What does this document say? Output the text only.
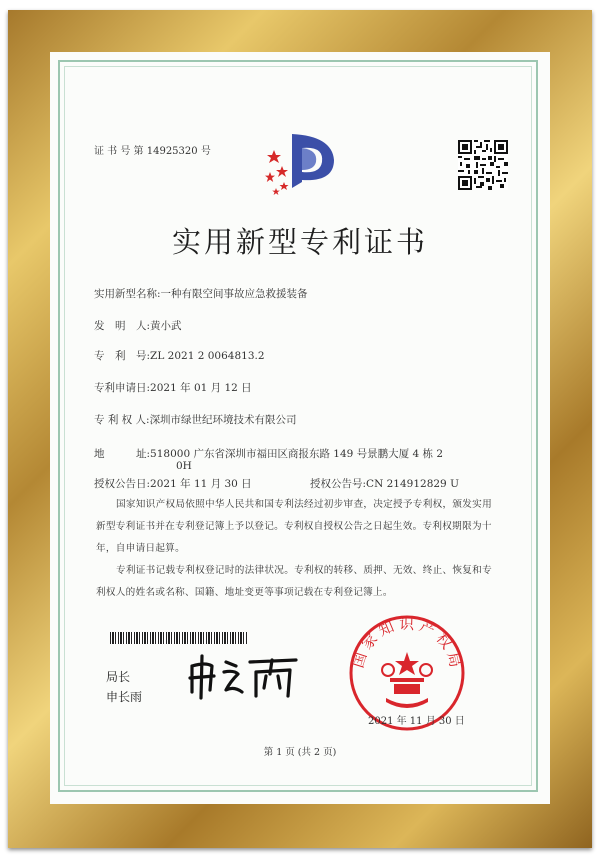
证 书 号 第 14925320 号
实用新型专利证书
实用新型名称:一种有限空间事故应急救援装备
发　明　人:黄小武
专　利　号:ZL 2021 2 0064813.2
专利申请日:2021 年 01 月 12 日
专 利 权 人:深圳市绿世纪环境技术有限公司
地　　　址:518000 广东省深圳市福田区商报东路 149 号景鹏大厦 4 栋 2
0H
授权公告日:2021 年 11 月 30 日	授权公告号:CN 214912829 U
国家知识产权局依照中华人民共和国专利法经过初步审查，决定授予专利权，颁发实用新型专利证书并在专利登记簿上予以登记。专利权自授权公告之日起生效。专利权期限为十年，自申请日起算。
专利证书记载专利权登记时的法律状况。专利权的转移、质押、无效、终止、恢复和专利权人的姓名或名称、国籍、地址变更等事项记载在专利登记簿上。
局长
申长雨
国家知识产权局
2021 年 11 月 30 日
第 1 页 (共 2 页)
